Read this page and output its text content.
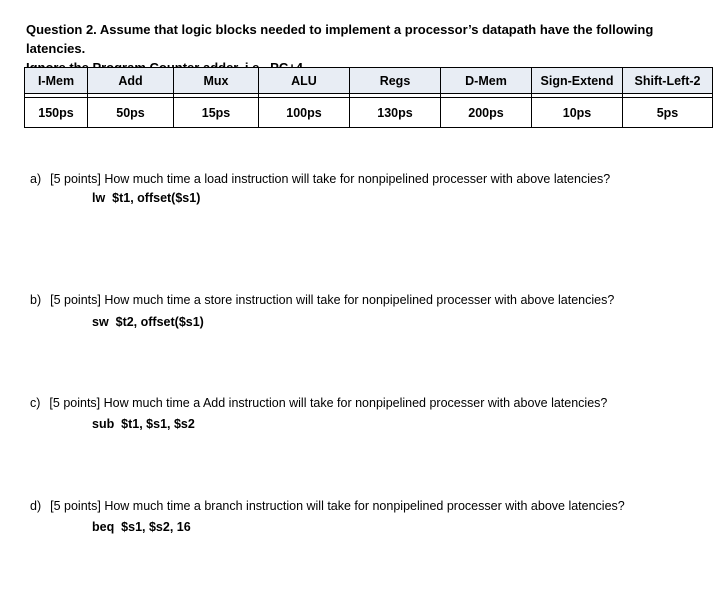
Question 2. Assume that logic blocks needed to implement a processor’s datapath have the following latencies.

I-Mem	Add	Mux	ALU	Regs	D-Mem	Sign-Extend	Shift-Left-2

150ps	50ps	15ps	100ps	130ps	200ps	10ps	5ps

a) [5 points] How much time a load instruction will take for nonpipelined processer with above latencies?

lw  $t1, offset($s1)

b) [5 points] How much time a store instruction will take for nonpipelined processer with above latencies?

sw  $t2, offset($s1)

c) [5 points] How much time a Add instruction will take for nonpipelined processer with above latencies?

sub  $t1, $s1, $s2

d) [5 points] How much time a branch instruction will take for nonpipelined processer with above latencies?

beq  $s1, $s2, 16
